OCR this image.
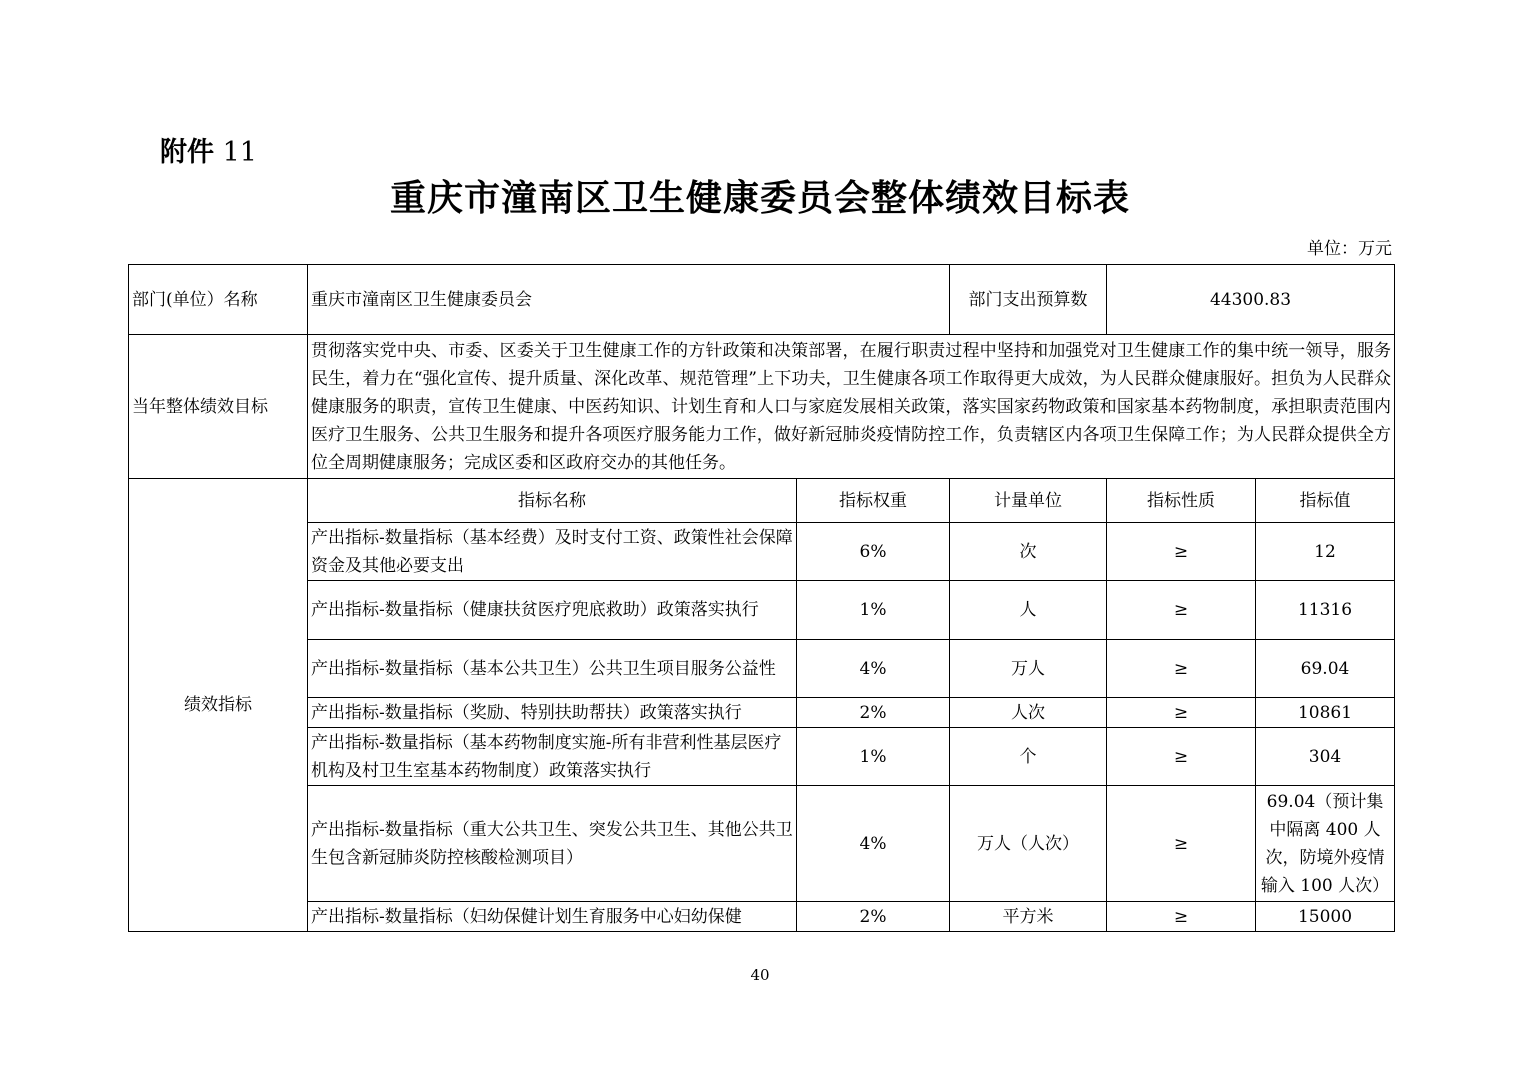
附件 11
重庆市潼南区卫生健康委员会整体绩效目标表
单位：万元
部门(单位）名称	重庆市潼南区卫生健康委员会		部门支出预算数	44300.83	
当年整体绩效目标	贯彻落实党中央、市委、区委关于卫生健康工作的方针政策和决策部署，在履行职责过程中坚持和加强党对卫生健康工作的集中统一领导，服务民生，着力在“强化宣传、提升质量、深化改革、规范管理”上下功夫，卫生健康各项工作取得更大成效，为人民群众健康服好。担负为人民群众健康服务的职责，宣传卫生健康、中医药知识、计划生育和人口与家庭发展相关政策，落实国家药物政策和国家基本药物制度，承担职责范围内医疗卫生服务、公共卫生服务和提升各项医疗服务能力工作，做好新冠肺炎疫情防控工作，负责辖区内各项卫生保障工作；为人民群众提供全方位全周期健康服务；完成区委和区政府交办的其他任务。				
绩效指标	指标名称	指标权重	计量单位	指标性质	指标值
	产出指标-数量指标（基本经费）及时支付工资、政策性社会保障资金及其他必要支出	6%	次	≥	12
	产出指标-数量指标（健康扶贫医疗兜底救助）政策落实执行	1%	人	≥	11316
	产出指标-数量指标（基本公共卫生）公共卫生项目服务公益性	4%	万人	≥	69.04
	产出指标-数量指标（奖励、特别扶助帮扶）政策落实执行	2%	人次	≥	10861
	产出指标-数量指标（基本药物制度实施-所有非营利性基层医疗机构及村卫生室基本药物制度）政策落实执行	1%	个	≥	304
	产出指标-数量指标（重大公共卫生、突发公共卫生、其他公共卫生包含新冠肺炎防控核酸检测项目）	4%	万人（人次）	≥	69.04（预计集中隔离 400 人次，防境外疫情输入 100 人次）
	产出指标-数量指标（妇幼保健计划生育服务中心妇幼保健	2%	平方米	≥	15000
40
